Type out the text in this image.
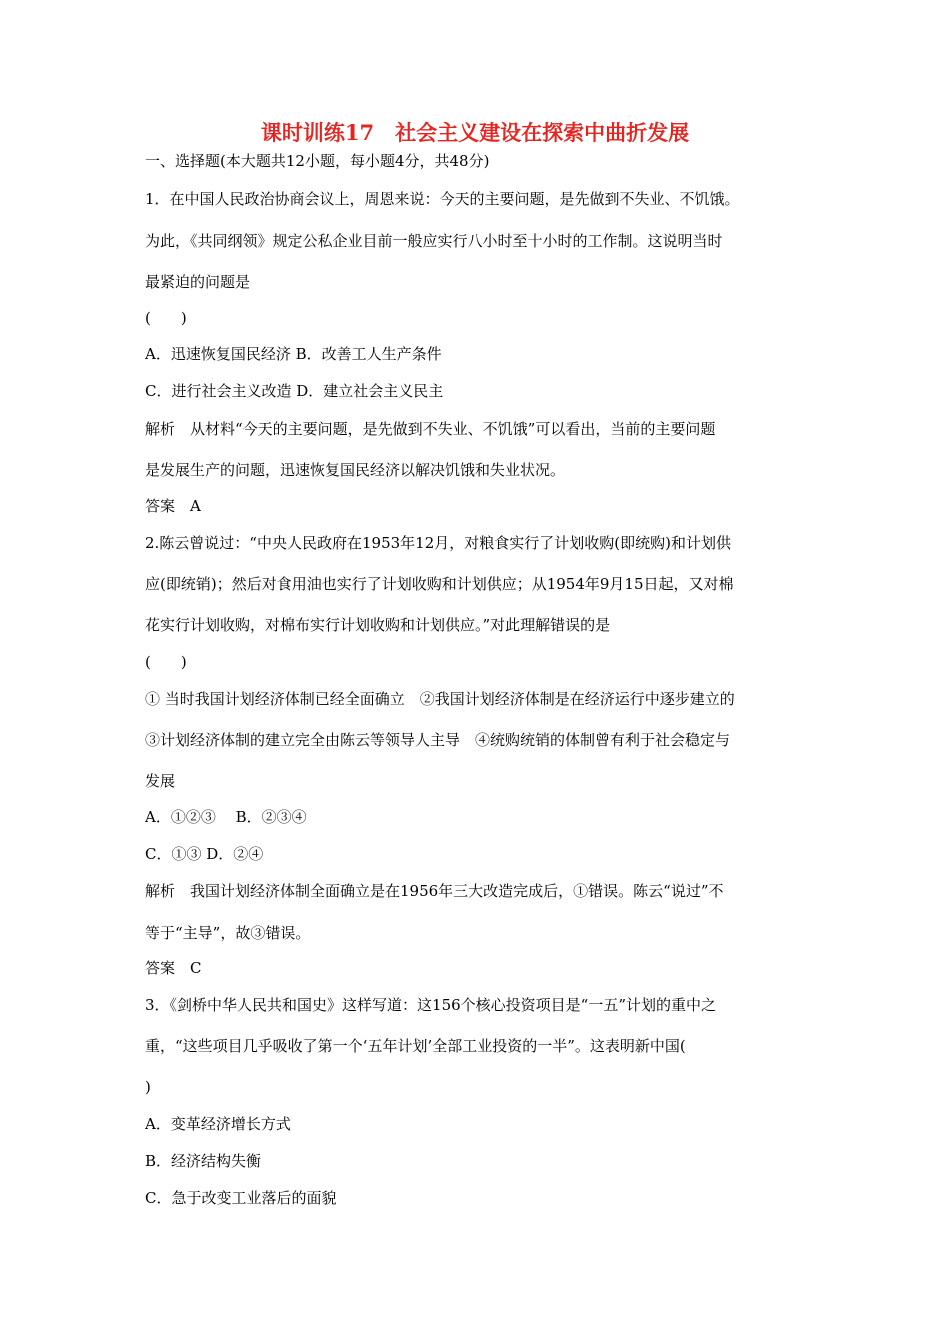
课时训练17　社会主义建设在探索中曲折发展
一、选择题(本大题共12小题，每小题4分，共48分)
1．在中国人民政治协商会议上，周恩来说：今天的主要问题，是先做到不失业、不饥饿。
为此，《共同纲领》规定公私企业目前一般应实行八小时至十小时的工作制。这说明当时
最紧迫的问题是
(　　)
A．迅速恢复国民经济 B．改善工人生产条件
C．进行社会主义改造 D．建立社会主义民主
解析　从材料“今天的主要问题，是先做到不失业、不饥饿”可以看出，当前的主要问题
是发展生产的问题，迅速恢复国民经济以解决饥饿和失业状况。
答案　A
2.陈云曾说过：“中央人民政府在1953年12月，对粮食实行了计划收购(即统购)和计划供
应(即统销)；然后对食用油也实行了计划收购和计划供应；从1954年9月15日起，又对棉
花实行计划收购，对棉布实行计划收购和计划供应。”对此理解错误的是
(　　)
① 当时我国计划经济体制已经全面确立　②我国计划经济体制是在经济运行中逐步建立的
③计划经济体制的建立完全由陈云等领导人主导　④统购统销的体制曾有利于社会稳定与
发展
A．①②③　 B．②③④
C．①③ D．②④
解析　我国计划经济体制全面确立是在1956年三大改造完成后，①错误。陈云“说过”不
等于“主导”，故③错误。
答案　C
3．《剑桥中华人民共和国史》这样写道：这156个核心投资项目是“一五”计划的重中之
重，“这些项目几乎吸收了第一个‘五年计划’全部工业投资的一半”。这表明新中国(
)
A．变革经济增长方式
B．经济结构失衡
C．急于改变工业落后的面貌
